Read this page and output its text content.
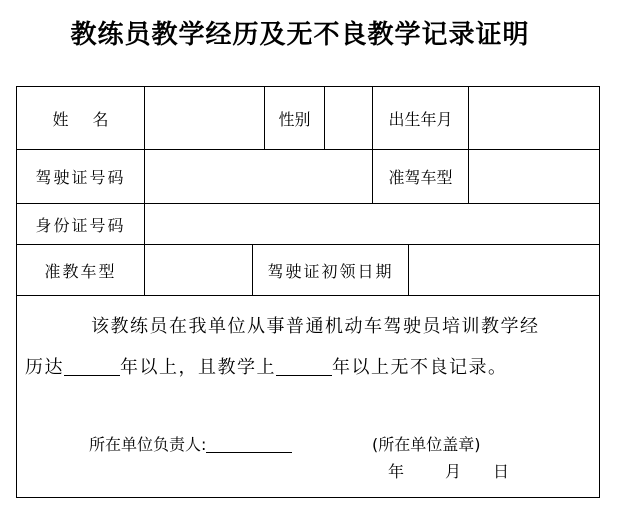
教练员教学经历及无不良教学记录证明
姓名	性别	出生年月
驾驶证号码	准驾车型
身份证号码
准教车型	驾驶证初领日期
该教练员在我单位从事普通机动车驾驶员培训教学经
历达	年以上，且教学上	年以上无不良记录。
所在单位负责人:	(所在单位盖章)
年	月 日
